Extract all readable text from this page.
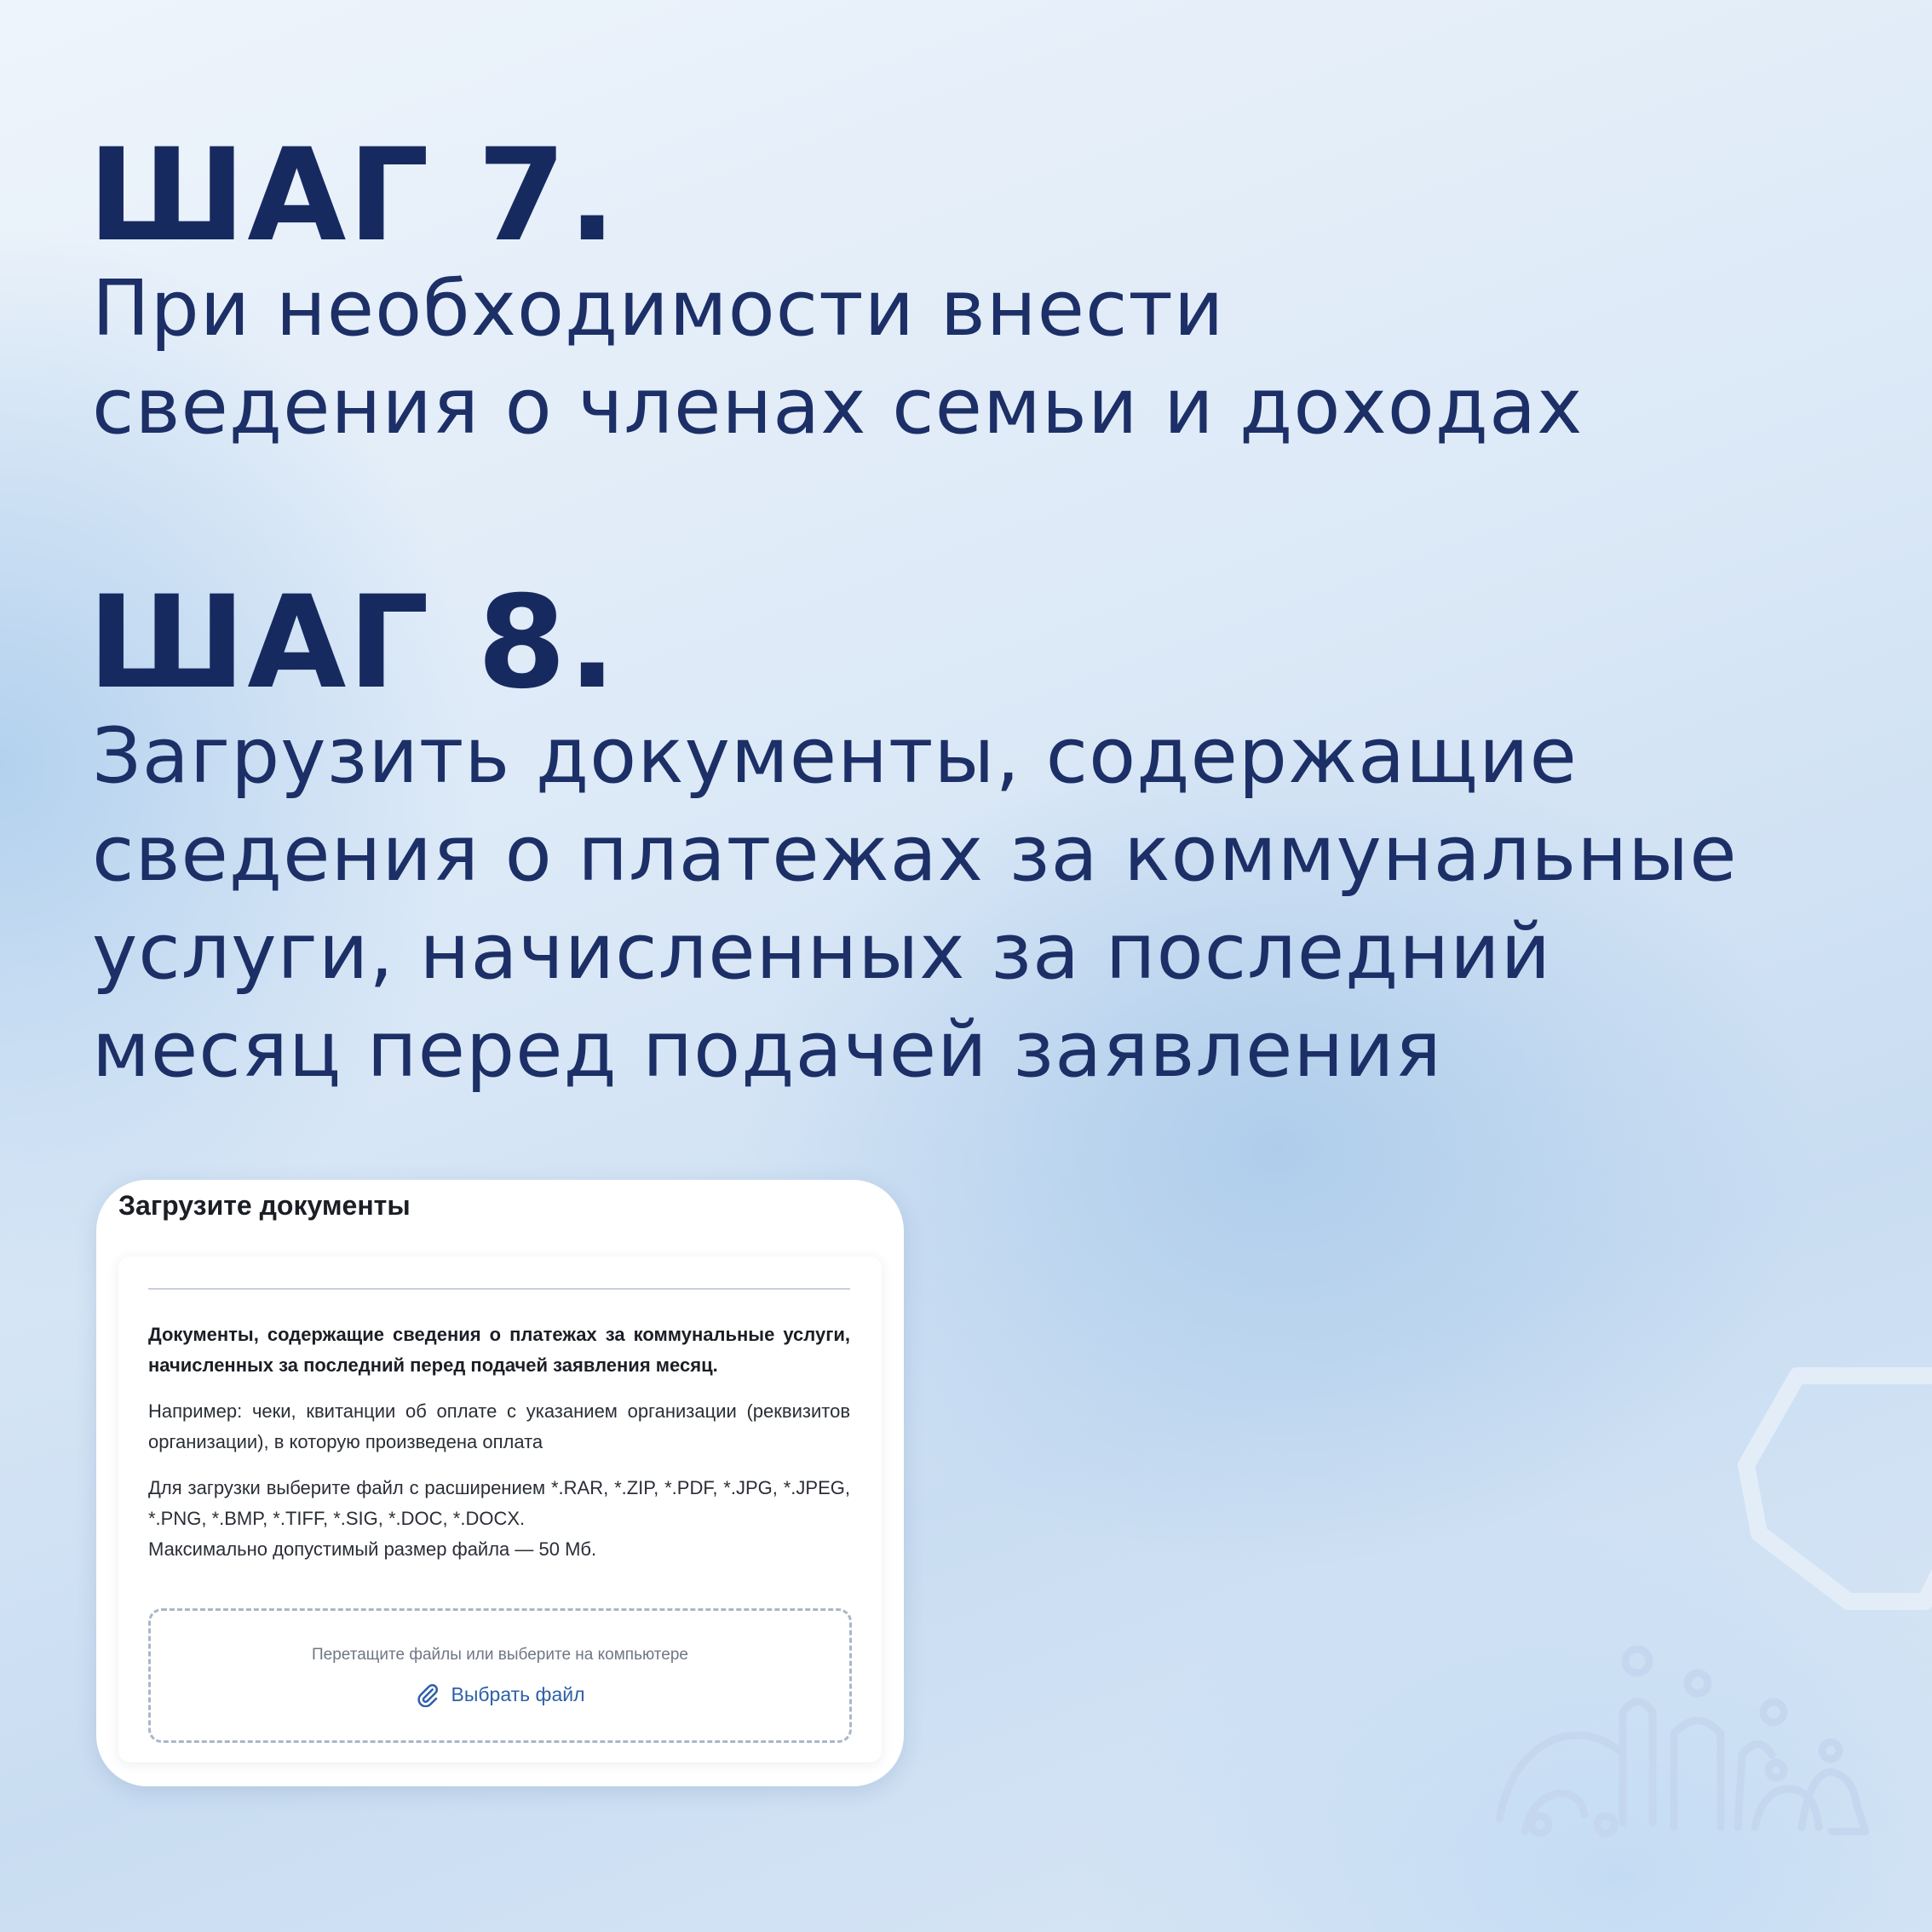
ШАГ 7.

При необходимости внести
сведения о членах семьи и доходах

ШАГ 8.

Загрузить документы, содержащие
сведения о платежах за коммунальные
услуги, начисленных за последний
месяц перед подачей заявления

Загрузите документы

Документы, содержащие сведения о платежах за коммунальные услуги, начисленных за последний перед подачей заявления месяц.

Например: чеки, квитанции об оплате с указанием организации (реквизитов организации), в которую произведена оплата

Для загрузки выберите файл с расширением *.RAR, *.ZIP, *.PDF, *.JPG, *.JPEG, *.PNG, *.BMP, *.TIFF, *.SIG, *.DOC, *.DOCX.

Максимально допустимый размер файла — 50 Мб.

Перетащите файлы или выберите на компьютере

Выбрать файл
